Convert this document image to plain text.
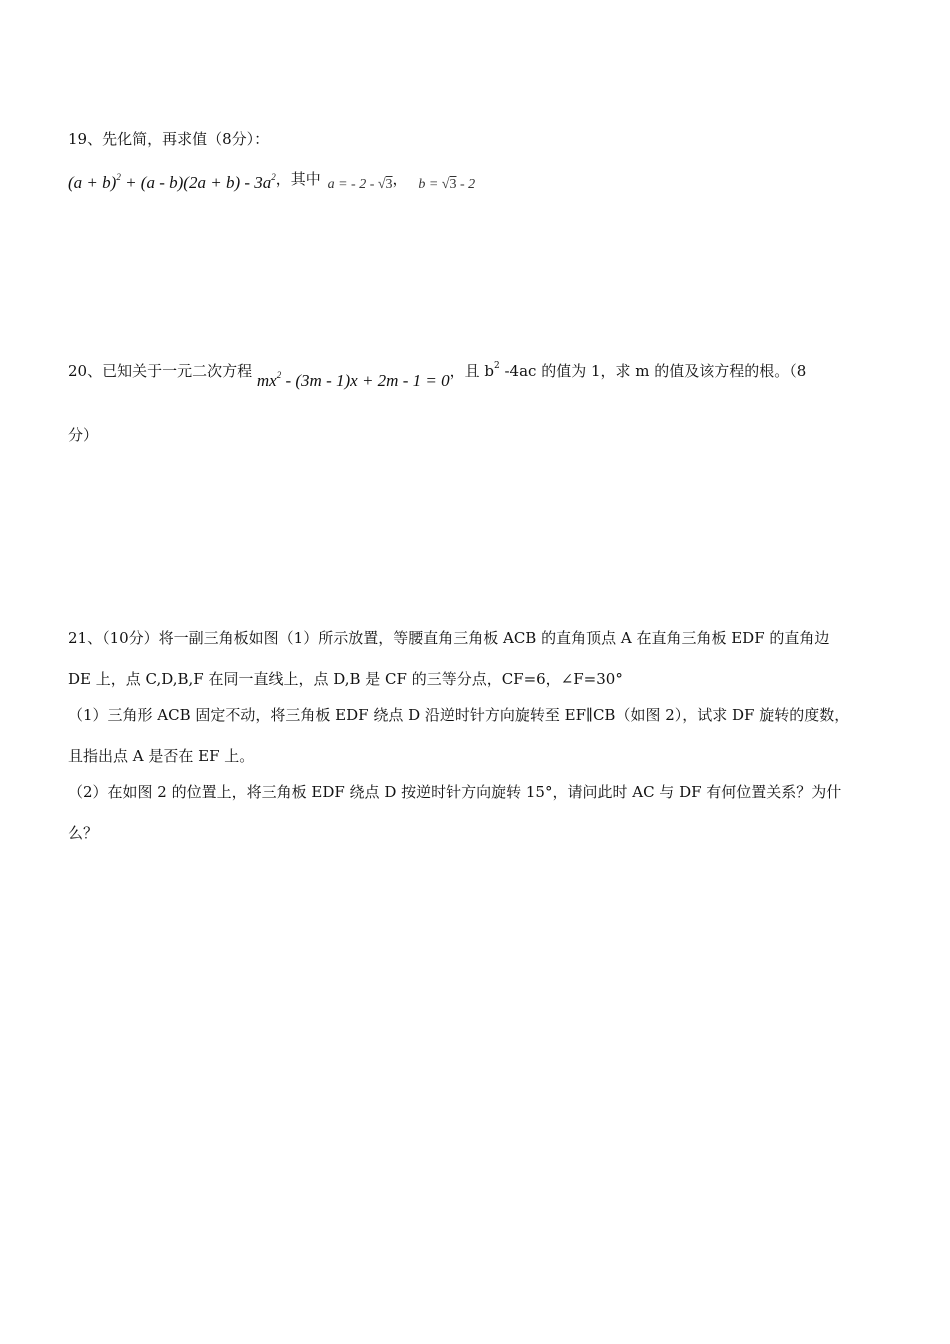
19、先化简，再求值（8分）：
$(a + b)^2 + (a - b)(2a + b) - 3a^2$，其中 a = - 2 - √3， b = √3 - 2
20、已知关于一元二次方程 $mx^2 - (3m - 1)x + 2m - 1 = 0$，且 $b^2$ -4ac 的值为 1，求 m 的值及该方程的根。（8
分）
21、（10分）将一副三角板如图（1）所示放置，等腰直角三角板 ACB 的直角顶点 A 在直角三角板 EDF 的直角边
DE 上，点 C,D,B,F 在同一直线上，点 D,B 是 CF 的三等分点，CF=6，∠F=30°
（1）三角形 ACB 固定不动，将三角板 EDF 绕点 D 沿逆时针方向旋转至 EF∥CB（如图 2），试求 DF 旋转的度数，
且指出点 A 是否在 EF 上。
（2）在如图 2 的位置上，将三角板 EDF 绕点 D 按逆时针方向旋转 15°，请问此时 AC 与 DF 有何位置关系？为什
么？
